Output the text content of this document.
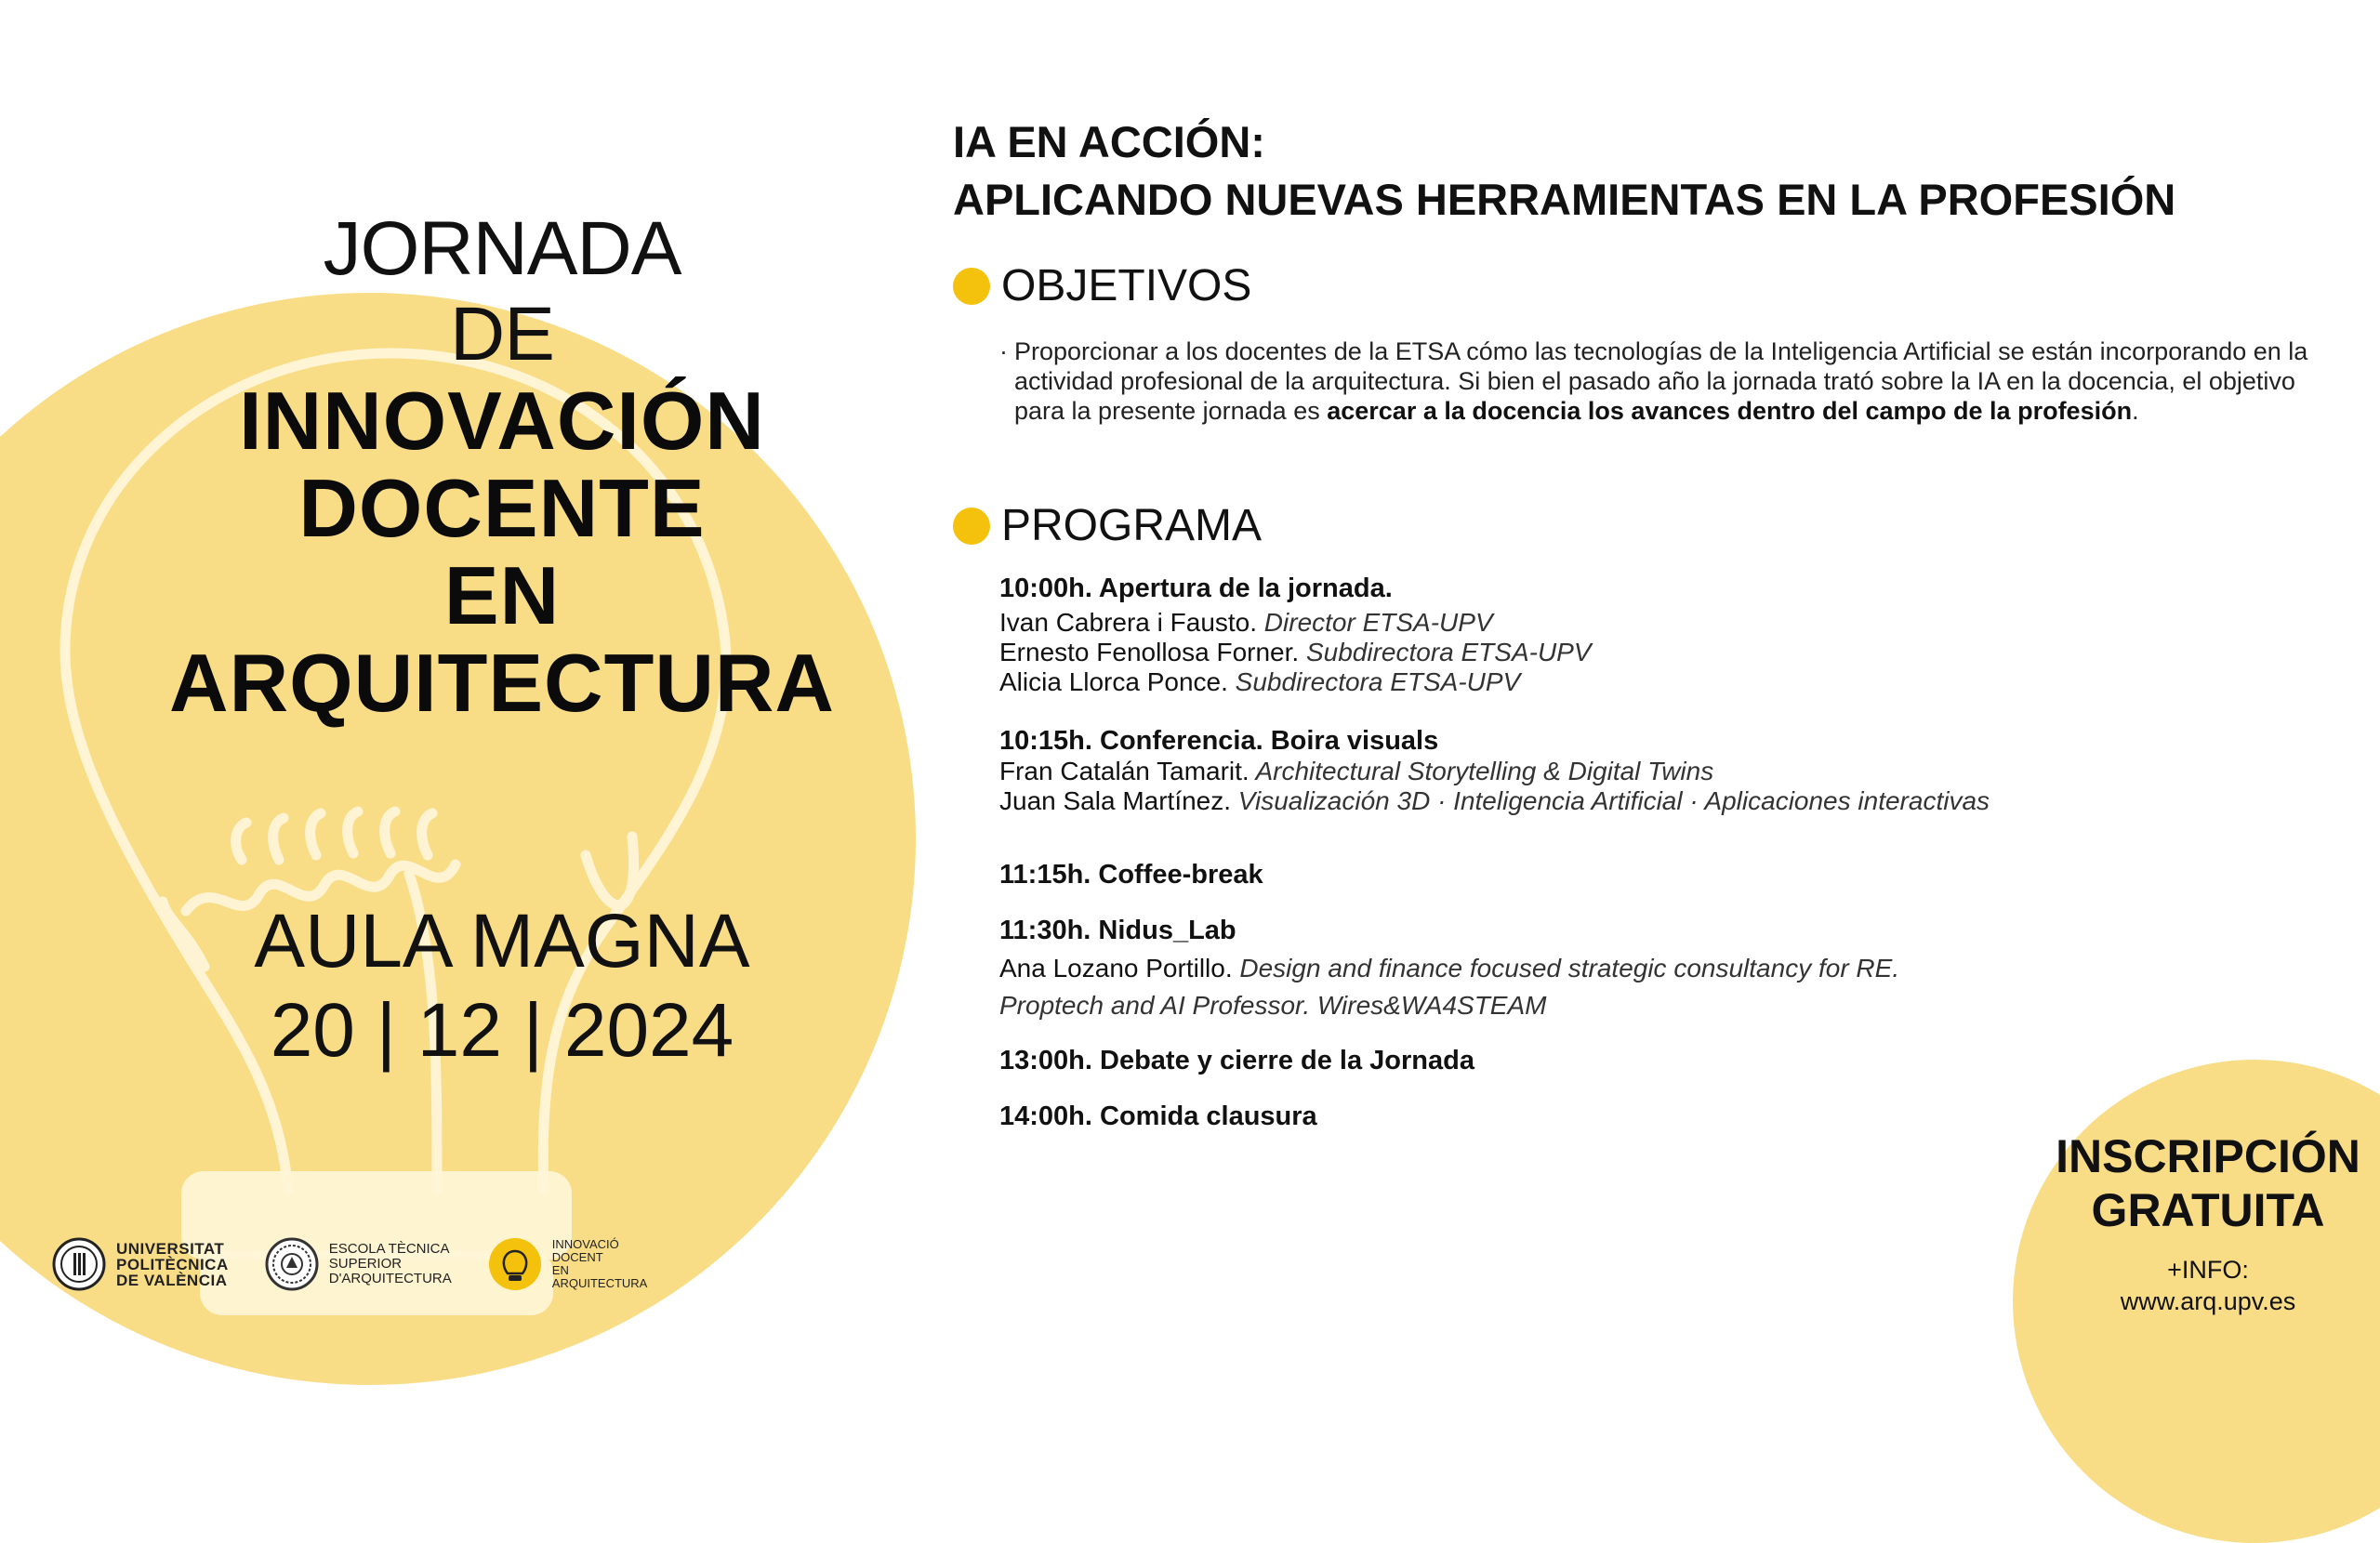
JORNADA
DE
INNOVACIÓN
DOCENTE
EN
ARQUITECTURA
AULA MAGNA
20 | 12 | 2024
UNIVERSITAT
POLITÈCNICA
DE VALÈNCIA
ESCOLA TÈCNICA
SUPERIOR
D'ARQUITECTURA
INNOVACIÓ
DOCENT
EN
ARQUITECTURA
IA EN ACCIÓN:
APLICANDO NUEVAS HERRAMIENTAS EN LA PROFESIÓN
OBJETIVOS
· Proporcionar a los docentes de la ETSA cómo las tecnologías de la Inteligencia Artificial se están incorporando en la actividad profesional de la arquitectura. Si bien el pasado año la jornada trató sobre la IA en la docencia, el objetivo para la presente jornada es acercar a la docencia los avances dentro del campo de la profesión.
PROGRAMA
10:00h. Apertura de la jornada.
Ivan Cabrera i Fausto. Director ETSA-UPV
Ernesto Fenollosa Forner. Subdirectora ETSA-UPV
Alicia Llorca Ponce. Subdirectora ETSA-UPV
10:15h. Conferencia. Boira visuals
Fran Catalán Tamarit. Architectural Storytelling & Digital Twins
Juan Sala Martínez. Visualización 3D · Inteligencia Artificial · Aplicaciones interactivas
11:15h. Coffee-break
11:30h. Nidus_Lab
Ana Lozano Portillo. Design and finance focused strategic consultancy for RE.
Proptech and AI Professor. Wires&WA4STEAM
13:00h. Debate y cierre de la Jornada
14:00h. Comida clausura
INSCRIPCIÓN
GRATUITA
+INFO:
www.arq.upv.es
